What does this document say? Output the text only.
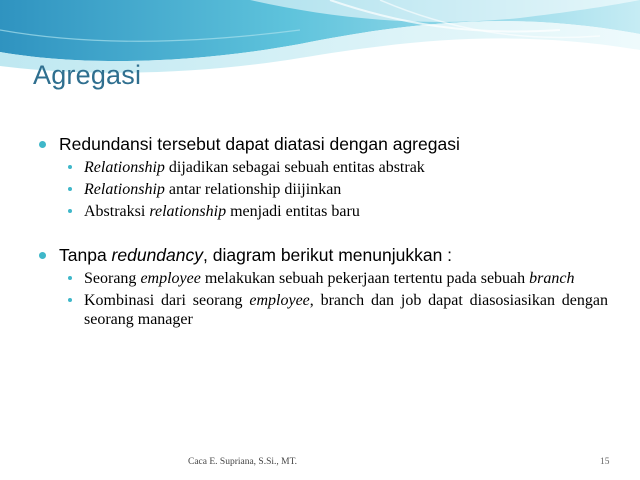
Agregasi
Redundansi tersebut dapat diatasi dengan agregasi
Relationship dijadikan sebagai sebuah entitas abstrak
Relationship antar relationship diijinkan
Abstraksi relationship menjadi entitas baru
Tanpa redundancy, diagram berikut menunjukkan :
Seorang employee melakukan sebuah pekerjaan tertentu pada sebuah branch
Kombinasi dari seorang employee, branch dan job dapat diasosiasikan dengan seorang manager
Caca E. Supriana, S.Si., MT.	15
